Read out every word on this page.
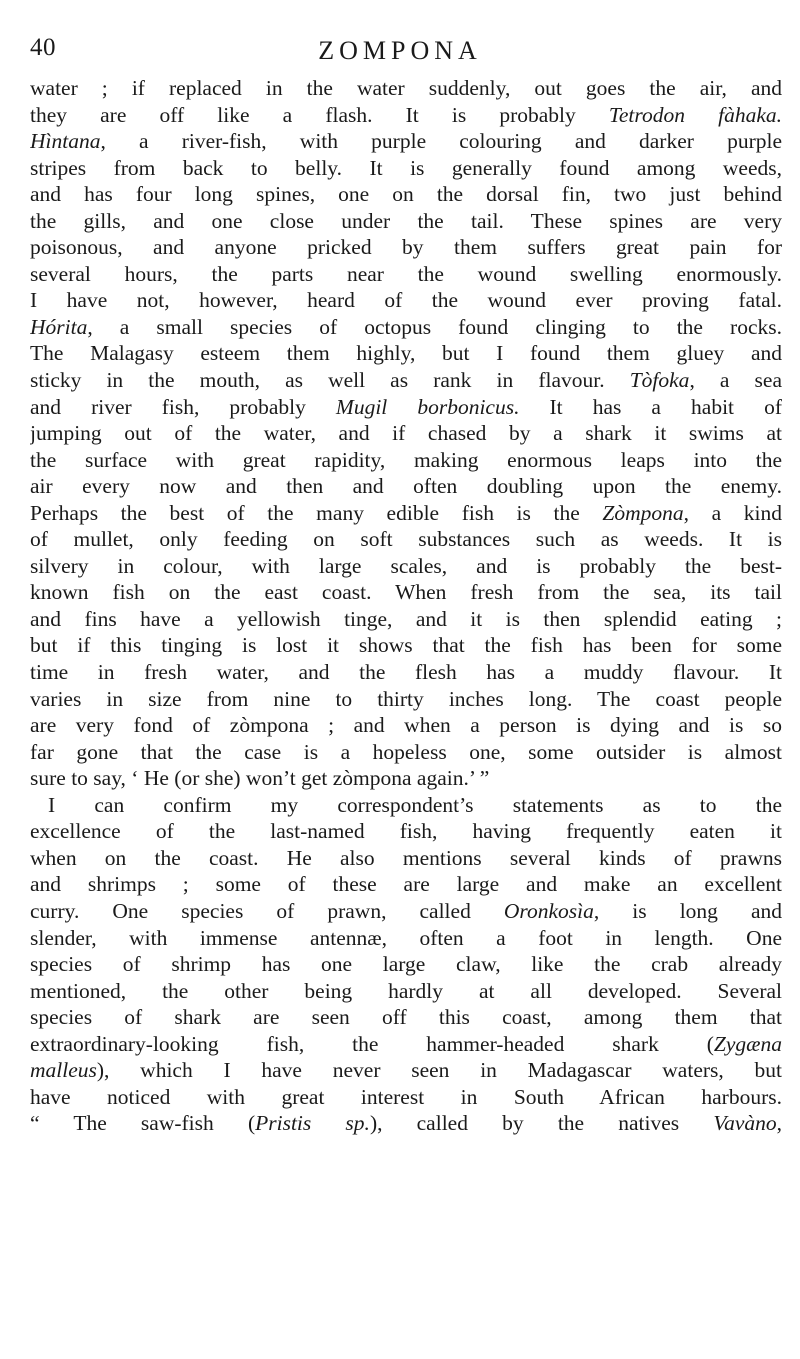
40	ZOMPONA
water ; if replaced in the water suddenly, out goes the air, and
they are off like a flash. It is probably Tetrodon fàhaka.
Hìntana, a river-fish, with purple colouring and darker purple
stripes from back to belly. It is generally found among weeds,
and has four long spines, one on the dorsal fin, two just behind
the gills, and one close under the tail. These spines are very
poisonous, and anyone pricked by them suffers great pain for
several hours, the parts near the wound swelling enormously.
I have not, however, heard of the wound ever proving fatal.
Hórita, a small species of octopus found clinging to the rocks.
The Malagasy esteem them highly, but I found them gluey and
sticky in the mouth, as well as rank in flavour. Tòfoka, a sea
and river fish, probably Mugil borbonicus. It has a habit of
jumping out of the water, and if chased by a shark it swims at
the surface with great rapidity, making enormous leaps into the
air every now and then and often doubling upon the enemy.
Perhaps the best of the many edible fish is the Zòmpona, a kind
of mullet, only feeding on soft substances such as weeds. It is
silvery in colour, with large scales, and is probably the best-
known fish on the east coast. When fresh from the sea, its tail
and fins have a yellowish tinge, and it is then splendid eating ;
but if this tinging is lost it shows that the fish has been for some
time in fresh water, and the flesh has a muddy flavour. It
varies in size from nine to thirty inches long. The coast people
are very fond of zòmpona ; and when a person is dying and is so
far gone that the case is a hopeless one, some outsider is almost
sure to say, ‘ He (or she) won’t get zòmpona again.’ ”
I can confirm my correspondent’s statements as to the
excellence of the last-named fish, having frequently eaten it
when on the coast. He also mentions several kinds of prawns
and shrimps ; some of these are large and make an excellent
curry. One species of prawn, called Oronkosìa, is long and
slender, with immense antennæ, often a foot in length. One
species of shrimp has one large claw, like the crab already
mentioned, the other being hardly at all developed. Several
species of shark are seen off this coast, among them that
extraordinary-looking fish, the hammer-headed shark (Zygæna
malleus), which I have never seen in Madagascar waters, but
have noticed with great interest in South African harbours.
“ The saw-fish (Pristis sp.), called by the natives Vavàno,
